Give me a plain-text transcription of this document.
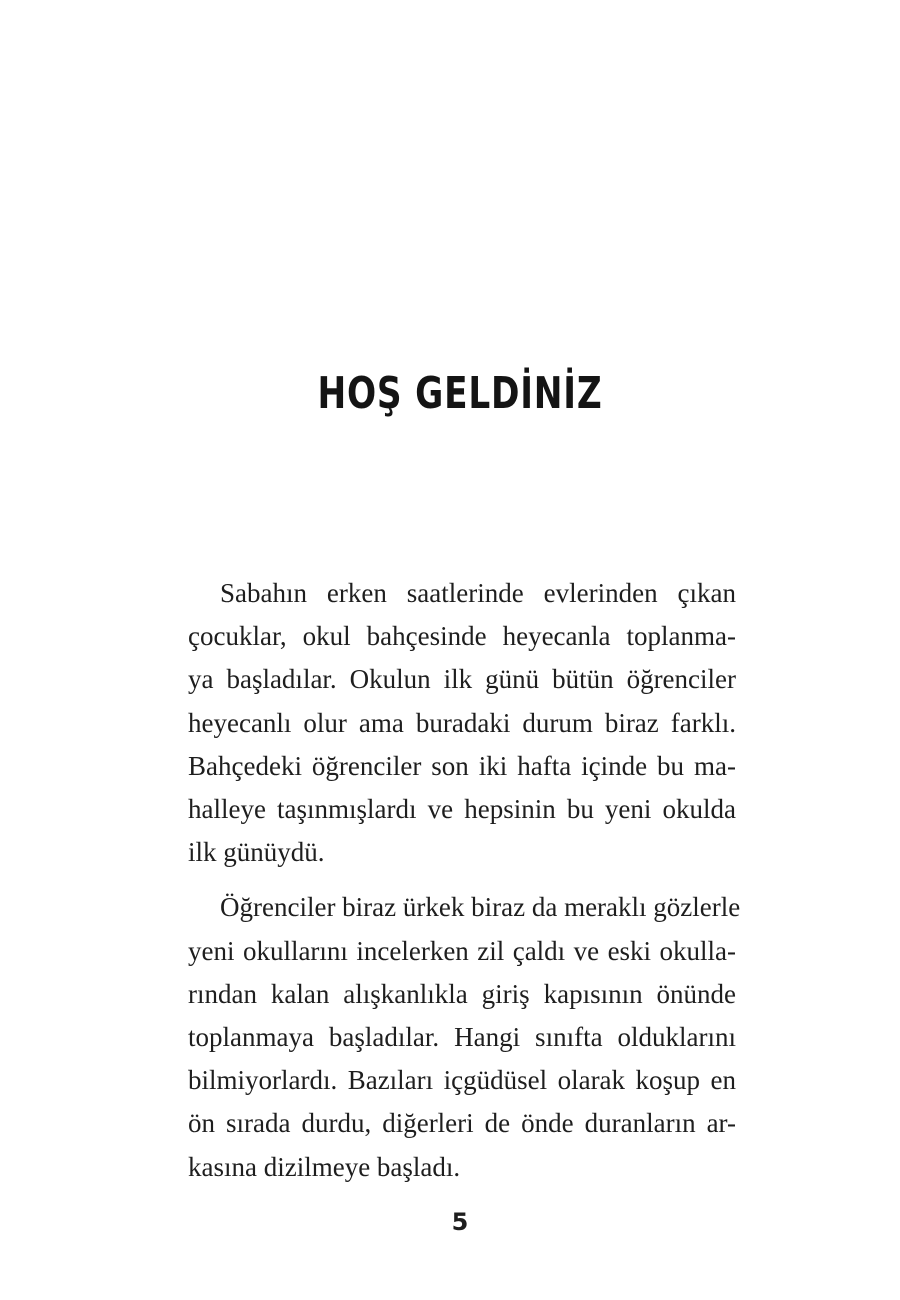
HOŞ GELDİNİZ

Sabahın erken saatlerinde evlerinden çıkan
çocuklar, okul bahçesinde heyecanla toplanma-
ya başladılar. Okulun ilk günü bütün öğrenciler
heyecanlı olur ama buradaki durum biraz farklı.
Bahçedeki öğrenciler son iki hafta içinde bu ma-
halleye taşınmışlardı ve hepsinin bu yeni okulda
ilk günüydü.

Öğrenciler biraz ürkek biraz da meraklı gözlerle
yeni okullarını incelerken zil çaldı ve eski okulla-
rından kalan alışkanlıkla giriş kapısının önünde
toplanmaya başladılar. Hangi sınıfta olduklarını
bilmiyorlardı. Bazıları içgüdüsel olarak koşup en
ön sırada durdu, diğerleri de önde duranların ar-
kasına dizilmeye başladı.

5
